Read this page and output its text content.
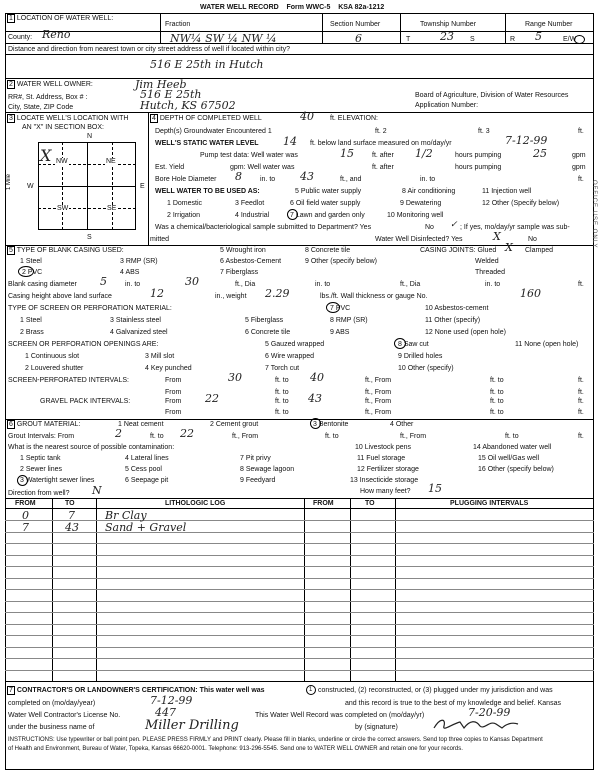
WATER WELL RECORD Form WWC-5 KSA 82a-1212
1 LOCATION OF WATER WELL:
County: Reno
Fraction
NW¼ SW ¼ NW ¼
Section Number
6
Township Number
T	23 S
Range Number
R 5	E/W
Distance and direction from nearest town or city street address of well if located within city?
516 E 25th in Hutch
2 WATER WELL OWNER:	Jim Heeb
RR#, St. Address, Box # :	516 E 25th
City, State, ZIP Code	Hutch, KS 67502
Board of Agriculture, Division of Water Resources
Application Number:
3 LOCATE WELL'S LOCATION WITH
AN "X" IN SECTION BOX:
N
NW	NE
SW	SE
W	E
S
1 Mile
X
4 DEPTH OF COMPLETED WELL	40 ft. ELEVATION:
Depth(s) Groundwater Encountered 1	ft. 2	ft. 3	ft.
WELL'S STATIC WATER LEVEL 14 ft. below land surface measured on mo/day/yr	7-12-99
Pump test data: Well water was	15	ft. after 1/2	hours pumping	25	gpm
Est. Yield	gpm: Well water was	ft. after	hours pumping	gpm
Bore Hole Diameter 8	in. to 43	ft., and	in. to	ft.
WELL WATER TO BE USED AS:	5 Public water supply	8 Air conditioning	11 Injection well
1 Domestic	3 Feedlot	6 Oil field water supply	9 Dewatering	12 Other (Specify below)
2 Irrigation	4 Industrial	7 Lawn and garden only	10 Monitoring well
Was a chemical/bacteriological sample submitted to Department? Yes	No ✓ ; If yes, mo/day/yr sample was sub-
mitted	Water Well Disinfected? Yes	X	No
5 TYPE OF BLANK CASING USED:	5 Wrought iron	8 Concrete tile	CASING JOINTS: Glued X Clamped
1 Steel	3 RMP (SR)	6 Asbestos-Cement	9 Other (specify below)	Welded
2 PVC	4 ABS	7 Fiberglass	Threaded
Blank casing diameter 5	in. to	30	ft., Dia	in. to	ft., Dia	in. to	ft.
Casing height above land surface	12	in., weight 2.29	lbs./ft. Wall thickness or gauge No.	160
TYPE OF SCREEN OR PERFORATION MATERIAL:	7 PVC	10 Asbestos-cement
1 Steel	3 Stainless steel	5 Fiberglass	8 RMP (SR)	11 Other (specify)
2 Brass	4 Galvanized steel	6 Concrete tile	9 ABS	12 None used (open hole)
SCREEN OR PERFORATION OPENINGS ARE:	5 Gauzed wrapped	8 Saw cut	11 None (open hole)
1 Continuous slot	3 Mill slot	6 Wire wrapped	9 Drilled holes
2 Louvered shutter	4 Key punched	7 Torch cut	10 Other (specify)
SCREEN-PERFORATED INTERVALS:	From	30	ft. to 40	ft., From	ft. to	ft.
From	ft. to	ft., From	ft. to	ft.
GRAVEL PACK INTERVALS:	From 22	ft. to 43	ft., From	ft. to	ft.
From	ft. to	ft., From	ft. to	ft.
6 GROUT MATERIAL:	1 Neat cement	2 Cement grout	3 Bentonite	4 Other
Grout Intervals: From	2	ft. to 22	ft., From	ft. to	ft., From	ft. to	ft.
What is the nearest source of possible contamination:	10 Livestock pens	14 Abandoned water well
1 Septic tank	4 Lateral lines	7 Pit privy	11 Fuel storage	15 Oil well/Gas well
2 Sewer lines	5 Cess pool	8 Sewage lagoon	12 Fertilizer storage	16 Other (specify below)
3 Watertight sewer lines	6 Seepage pit	9 Feedyard	13 Insecticide storage
Direction from well? N	How many feet? 15
FROM	TO	LITHOLOGIC LOG	FROM	TO	PLUGGING INTERVALS
0	7	Br Clay
7	43 Sand + Gravel
7 CONTRACTOR'S OR LANDOWNER'S CERTIFICATION: This water well was	1 constructed, (2) reconstructed, or (3) plugged under my jurisdiction and was
completed on (mo/day/year)	7-12-99	and this record is true to the best of my knowledge and belief. Kansas
Water Well Contractor's License No.	447	This Water Well Record was completed on (mo/day/yr)	7-20-99
under the business name of	Miller Drilling	by (signature)
INSTRUCTIONS: Use typewriter or ball point pen. PLEASE PRESS FIRMLY and PRINT clearly. Please fill in blanks, underline or circle the correct answers. Send top three copies to Kansas Department
of Health and Environment, Bureau of Water, Topeka, Kansas 66620-0001. Telephone: 913-296-5545. Send one to WATER WELL OWNER and retain one for your records.
OFFICE USE ONLY
